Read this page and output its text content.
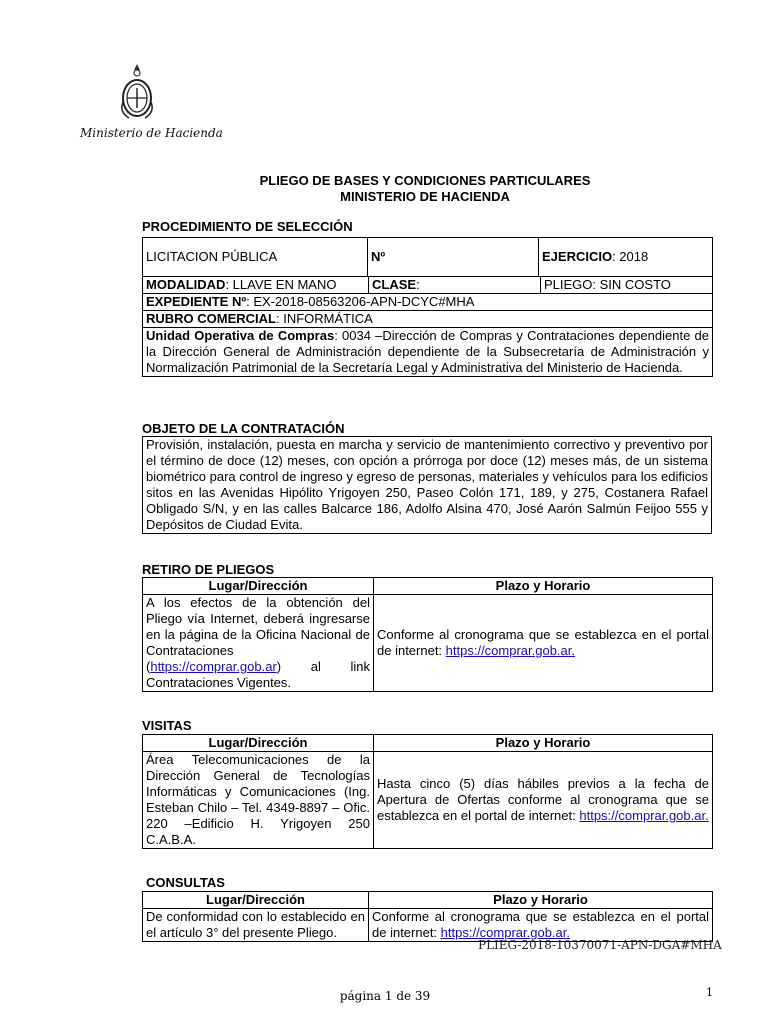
Ministerio de Hacienda
PLIEGO DE BASES Y CONDICIONES PARTICULARES
MINISTERIO DE HACIENDA
PROCEDIMIENTO DE SELECCIÓN
LICITACION PÚBLICA	Nº	EJERCICIO: 2018

MODALIDAD: LLAVE EN MANO	CLASE:	PLIEGO: SIN COSTO

EXPEDIENTE Nº: EX-2018-08563206-APN-DCYC#MHA
RUBRO COMERCIAL: INFORMÁTICA
Unidad Operativa de Compras: 0034 –Dirección de Compras y Contrataciones dependiente de la Dirección General de Administración dependiente de la Subsecretaría de Administración y Normalización Patrimonial de la Secretaría Legal y Administrativa del Ministerio de Hacienda.
OBJETO DE LA CONTRATACIÓN
Provisión, instalación, puesta en marcha y servicio de mantenimiento correctivo y preventivo por el término de doce (12) meses, con opción a prórroga por doce (12) meses más, de un sistema biométrico para control de ingreso y egreso de personas, materiales y vehículos para los edificios sitos en las Avenidas Hipólito Yrigoyen 250, Paseo Colón 171, 189, y 275, Costanera Rafael Obligado S/N, y en las calles Balcarce 186, Adolfo Alsina 470, José Aarón Salmún Feijoo 555 y Depósitos de Ciudad Evita.
RETIRO DE PLIEGOS
Lugar/Dirección	Plazo y Horario
A los efectos de la obtención del Pliego vía Internet, deberá ingresarse en la página de la Oficina Nacional de Contrataciones (https://comprar.gob.ar) al link Contrataciones Vigentes.	Conforme al cronograma que se establezca en el portal de internet: https://comprar.gob.ar.
VISITAS
Lugar/Dirección	Plazo y Horario
Área Telecomunicaciones de la Dirección General de Tecnologías Informáticas y Comunicaciones (Ing. Esteban Chilo – Tel. 4349-8897 – Ofic. 220 –Edificio H. Yrigoyen 250 C.A.B.A.	Hasta cinco (5) días hábiles previos a la fecha de Apertura de Ofertas conforme al cronograma que se establezca en el portal de internet: https://comprar.gob.ar.
CONSULTAS
Lugar/Dirección	Plazo y Horario
De conformidad con lo establecido en el artículo 3° del presente Pliego.	Conforme al cronograma que se establezca en el portal de internet: https://comprar.gob.ar.
PLIEG-2018-10370071-APN-DGA#MHA
página 1 de 39	1
